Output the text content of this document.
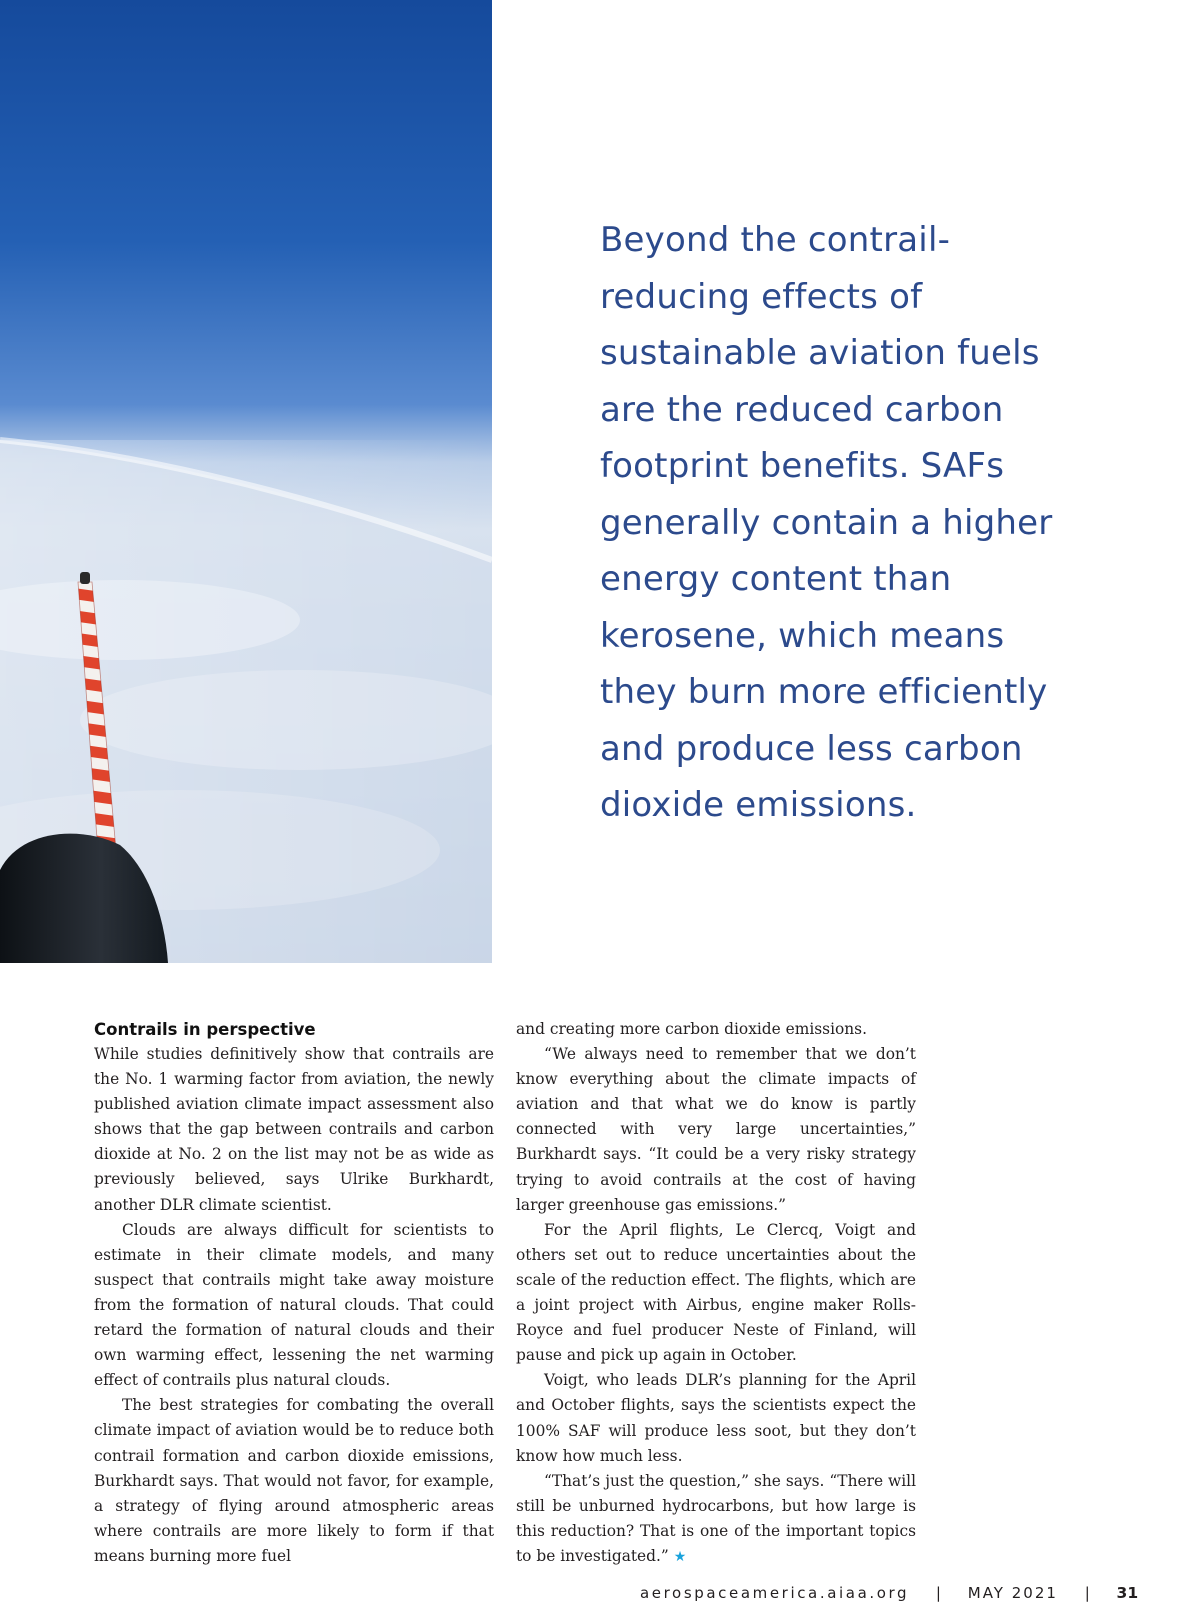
Beyond the contrail-
reducing effects of
sustainable aviation fuels
are the reduced carbon
footprint benefits. SAFs
generally contain a higher
energy content than
kerosene, which means
they burn more efficiently
and produce less carbon
dioxide emissions.
Contrails in perspective

While studies definitively show that contrails are the No. 1 warming factor from aviation, the newly published aviation climate impact assessment also shows that the gap between contrails and carbon dioxide at No. 2 on the list may not be as wide as previously believed, says Ulrike Burkhardt, another DLR climate scientist.

Clouds are always difficult for scientists to estimate in their climate models, and many suspect that contrails might take away moisture from the formation of natural clouds. That could retard the formation of natural clouds and their own warming effect, lessening the net warming effect of contrails plus natural clouds.

The best strategies for combating the overall climate impact of aviation would be to reduce both contrail formation and carbon dioxide emissions, Burkhardt says. That would not favor, for example, a strategy of flying around atmospheric areas where contrails are more likely to form if that means burning more fuel

and creating more carbon dioxide emissions.

“We always need to remember that we don’t know everything about the climate impacts of aviation and that what we do know is partly connected with very large uncertainties,” Burkhardt says. “It could be a very risky strategy trying to avoid contrails at the cost of having larger greenhouse gas emissions.”

For the April flights, Le Clercq, Voigt and others set out to reduce uncertainties about the scale of the reduction effect. The flights, which are a joint project with Airbus, engine maker Rolls-Royce and fuel producer Neste of Finland, will pause and pick up again in October.

Voigt, who leads DLR’s planning for the April and October flights, says the scientists expect the 100% SAF will produce less soot, but they don’t know how much less.

“That’s just the question,” she says. “There will still be unburned hydrocarbons, but how large is this reduction? That is one of the important topics to be investigated.” ★

aerospaceamerica.aiaa.org | MAY 2021 | 31
